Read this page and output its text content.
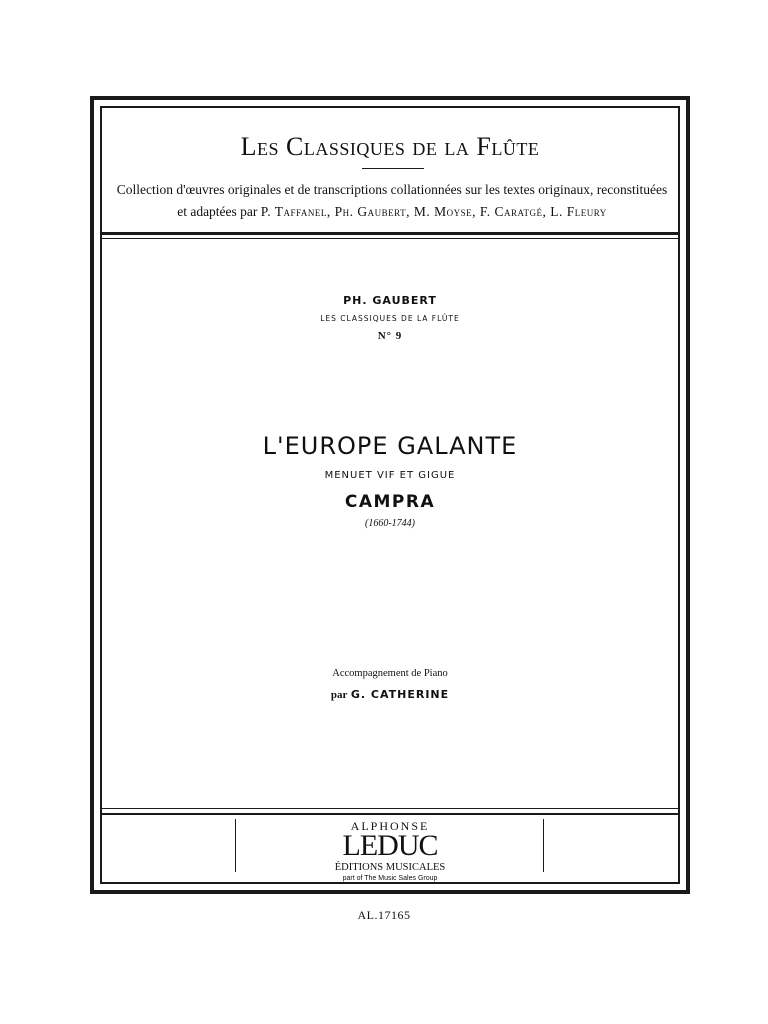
Les Classiques de la Flûte
Collection d'œuvres originales et de transcriptions collationnées sur les textes originaux, reconstituées
et adaptées par P. Taffanel, Ph. Gaubert, M. Moyse, F. Caratgé, L. Fleury
PH. GAUBERT
LES CLASSIQUES DE LA FLÛTE
N° 9
L'EUROPE GALANTE
MENUET VIF ET GIGUE
CAMPRA
(1660-1744)
Accompagnement de Piano
par G. CATHERINE
ALPHONSE
LEDUC
ÉDITIONS MUSICALES
part of The Music Sales Group
AL.17165
